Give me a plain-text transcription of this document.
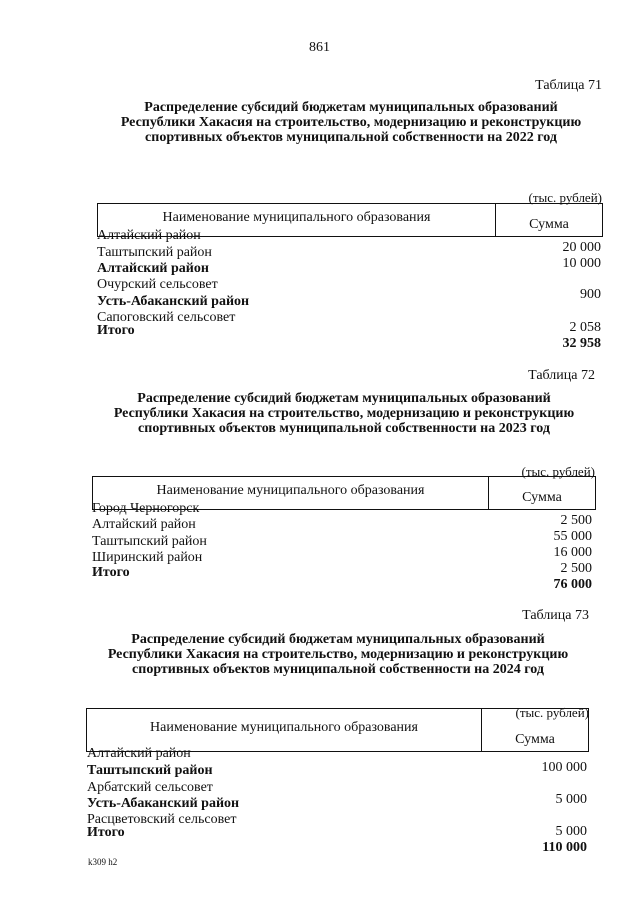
861
Таблица 71
Распределение субсидий бюджетам муниципальных образований
Республики Хакасия на строительство, модернизацию и реконструкцию
спортивных объектов муниципальной собственности на 2022 год
(тыс. рублей)
Наименование муниципального образования	Сумма
Алтайский район
Таштыпский район
Алтайский район
Очурский сельсовет
Усть-Абаканский район
Сапоговский сельсовет
Итого
20 000
10 000
900
2 058
32 958
Таблица 72
Распределение субсидий бюджетам муниципальных образований
Республики Хакасия на строительство, модернизацию и реконструкцию
спортивных объектов муниципальной собственности на 2023 год
(тыс. рублей)
Наименование муниципального образования	Сумма
Город Черногорск
Алтайский район
Таштыпский район
Ширинский район
Итого
2 500
55 000
16 000
2 500
76 000
Таблица 73
Распределение субсидий бюджетам муниципальных образований
Республики Хакасия на строительство, модернизацию и реконструкцию
спортивных объектов муниципальной собственности на 2024 год
(тыс. рублей)
Наименование муниципального образования
Сумма
Алтайский район
Таштыпский район
Арбатский сельсовет
Усть-Абаканский район
Расцветовский сельсовет
Итого
100 000
5 000
5 000
110 000
k309 h2
